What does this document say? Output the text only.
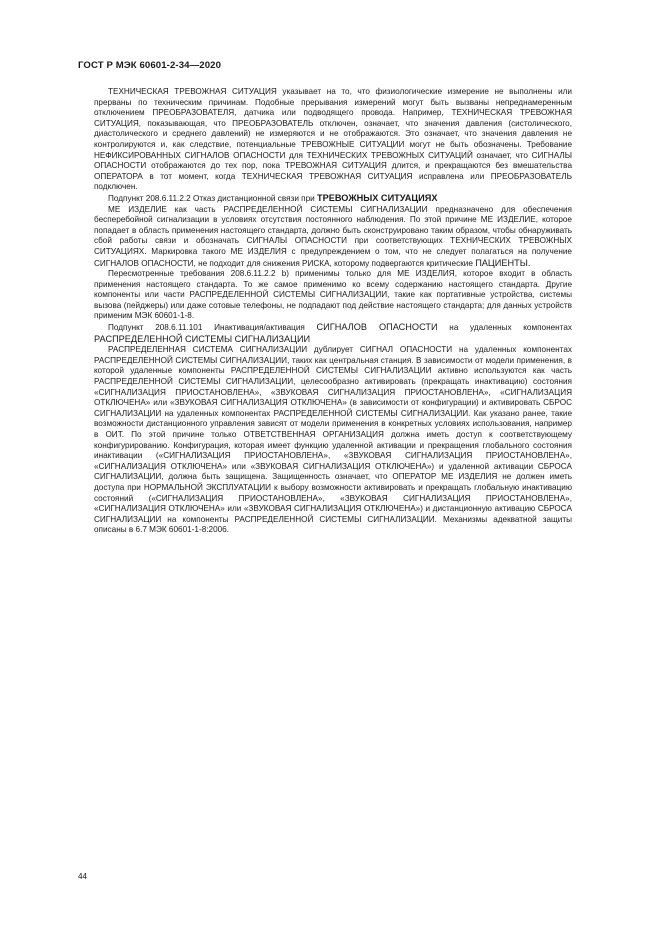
ГОСТ Р МЭК 60601-2-34—2020

ТЕХНИЧЕСКАЯ ТРЕВОЖНАЯ СИТУАЦИЯ указывает на то, что физиологические измерение не выполнены или прерваны по техническим причинам. Подобные прерывания измерений могут быть вызваны непреднамеренным отключением ПРЕОБРАЗОВАТЕЛЯ, датчика или подводящего провода. Например, ТЕХНИЧЕСКАЯ ТРЕВОЖНАЯ СИТУАЦИЯ, показывающая, что ПРЕОБРАЗОВАТЕЛЬ отключен, означает, что значения давления (систолического, диастолического и среднего давлений) не измеряются и не отображаются. Это означает, что значения давления не контролируются и, как следствие, потенциальные ТРЕВОЖНЫЕ СИТУАЦИИ могут не быть обозначены. Требование НЕФИКСИРОВАННЫХ СИГНАЛОВ ОПАСНОСТИ для ТЕХНИЧЕСКИХ ТРЕВОЖНЫХ СИТУАЦИЙ означает, что СИГНАЛЫ ОПАСНОСТИ отображаются до тех пор, пока ТРЕВОЖНАЯ СИТУАЦИЯ длится, и прекращаются без вмешательства ОПЕРАТОРА в тот момент, когда ТЕХНИЧЕСКАЯ ТРЕВОЖНАЯ СИТУАЦИЯ исправлена или ПРЕОБРАЗОВАТЕЛЬ подключен.

Подпункт 208.6.11.2.2 Отказ дистанционной связи при ТРЕВОЖНЫХ СИТУАЦИЯХ

МЕ ИЗДЕЛИЕ как часть РАСПРЕДЕЛЕННОЙ СИСТЕМЫ СИГНАЛИЗАЦИИ предназначено для обеспечения бесперебойной сигнализации в условиях отсутствия постоянного наблюдения. По этой причине МЕ ИЗДЕЛИЕ, которое попадает в область применения настоящего стандарта, должно быть сконструировано таким образом, чтобы обнаруживать сбой работы связи и обозначать СИГНАЛЫ ОПАСНОСТИ при соответствующих ТЕХНИЧЕСКИХ ТРЕВОЖНЫХ СИТУАЦИЯХ. Маркировка такого МЕ ИЗДЕЛИЯ с предупреждением о том, что не следует полагаться на получение СИГНАЛОВ ОПАСНОСТИ, не подходит для снижения РИСКА, которому подвергаются критические ПАЦИЕНТЫ.

Пересмотренные требования 208.6.11.2.2 b) применимы только для МЕ ИЗДЕЛИЯ, которое входит в область применения настоящего стандарта. То же самое применимо ко всему содержанию настоящего стандарта. Другие компоненты или части РАСПРЕДЕЛЕННОЙ СИСТЕМЫ СИГНАЛИЗАЦИИ, такие как портативные устройства, системы вызова (пейджеры) или даже сотовые телефоны, не подпадают под действие настоящего стандарта; для данных устройств применим МЭК 60601-1-8.

Подпункт 208.6.11.101 Инактивация/активация СИГНАЛОВ ОПАСНОСТИ на удаленных компонентах РАСПРЕДЕЛЕННОЙ СИСТЕМЫ СИГНАЛИЗАЦИИ

РАСПРЕДЕЛЕННАЯ СИСТЕМА СИГНАЛИЗАЦИИ дублирует СИГНАЛ ОПАСНОСТИ на удаленных компонентах РАСПРЕДЕЛЕННОЙ СИСТЕМЫ СИГНАЛИЗАЦИИ, таких как центральная станция. В зависимости от модели применения, в которой удаленные компоненты РАСПРЕДЕЛЕННОЙ СИСТЕМЫ СИГНАЛИЗАЦИИ активно используются как часть РАСПРЕДЕЛЕННОЙ СИСТЕМЫ СИГНАЛИЗАЦИИ, целесообразно активировать (прекращать инактивацию) состояния «СИГНАЛИЗАЦИЯ ПРИОСТАНОВЛЕНА», «ЗВУКОВАЯ СИГНАЛИЗАЦИЯ ПРИОСТАНОВЛЕНА», «СИГНАЛИЗАЦИЯ ОТКЛЮЧЕНА» или «ЗВУКОВАЯ СИГНАЛИЗАЦИЯ ОТКЛЮЧЕНА» (в зависимости от конфигурации) и активировать СБРОС СИГНАЛИЗАЦИИ на удаленных компонентах РАСПРЕДЕЛЕННОЙ СИСТЕМЫ СИГНАЛИЗАЦИИ. Как указано ранее, такие возможности дистанционного управления зависят от модели применения в конкретных условиях использования, например в ОИТ. По этой причине только ОТВЕТСТВЕННАЯ ОРГАНИЗАЦИЯ должна иметь доступ к соответствующему конфигурированию. Конфигурация, которая имеет функцию удаленной активации и прекращения глобального состояния инактивации («СИГНАЛИЗАЦИЯ ПРИОСТАНОВЛЕНА», «ЗВУКОВАЯ СИГНАЛИЗАЦИЯ ПРИОСТАНОВЛЕНА», «СИГНАЛИЗАЦИЯ ОТКЛЮЧЕНА» или «ЗВУКОВАЯ СИГНАЛИЗАЦИЯ ОТКЛЮЧЕНА») и удаленной активации СБРОСА СИГНАЛИЗАЦИИ, должна быть защищена. Защищенность означает, что ОПЕРАТОР МЕ ИЗДЕЛИЯ не должен иметь доступа при НОРМАЛЬНОЙ ЭКСПЛУАТАЦИИ к выбору возможности активировать и прекращать глобальную инактивацию состояний («СИГНАЛИЗАЦИЯ ПРИОСТАНОВЛЕНА», «ЗВУКОВАЯ СИГНАЛИЗАЦИЯ ПРИОСТАНОВЛЕНА», «СИГНАЛИЗАЦИЯ ОТКЛЮЧЕНА» или «ЗВУКОВАЯ СИГНАЛИЗАЦИЯ ОТКЛЮЧЕНА») и дистанционную активацию СБРОСА СИГНАЛИЗАЦИИ на компоненты РАСПРЕДЕЛЕННОЙ СИСТЕМЫ СИГНАЛИЗАЦИИ. Механизмы адекватной защиты описаны в 6.7 МЭК 60601-1-8:2006.

44
